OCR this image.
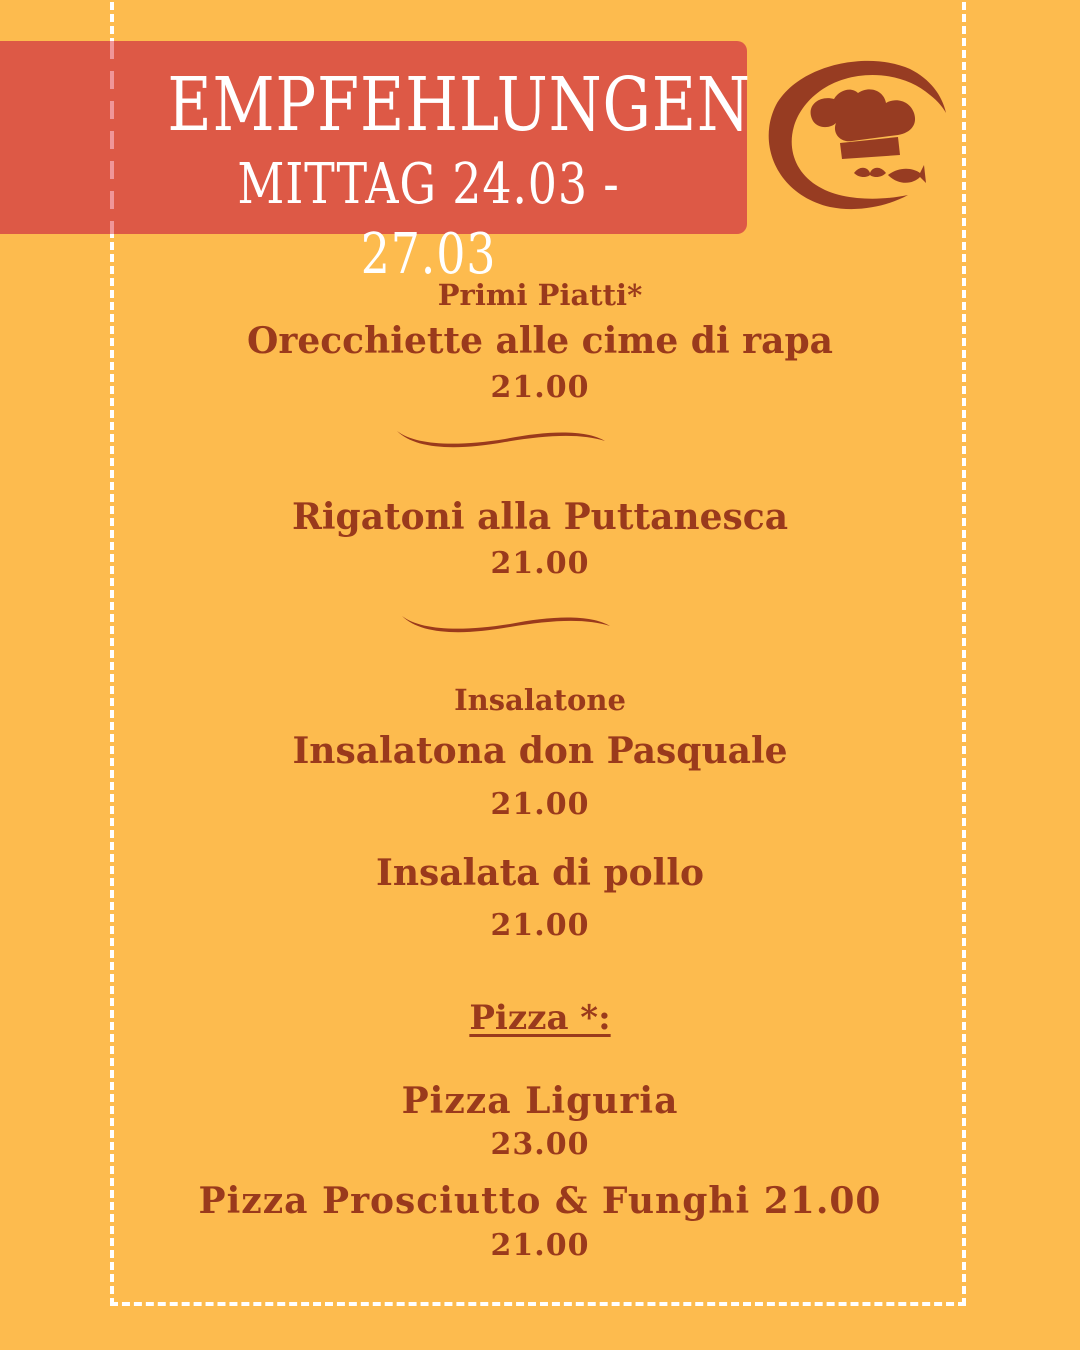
EMPFEHLUNGEN
MITTAG 24.03 - 27.03
Primi Piatti*
Orecchiette alle cime di rapa
21.00
Rigatoni alla Puttanesca
21.00
Insalatone
Insalatona don Pasquale
21.00
Insalata di pollo
21.00
Pizza *:
Pizza Liguria
23.00
Pizza Prosciutto & Funghi 21.00
21.00
